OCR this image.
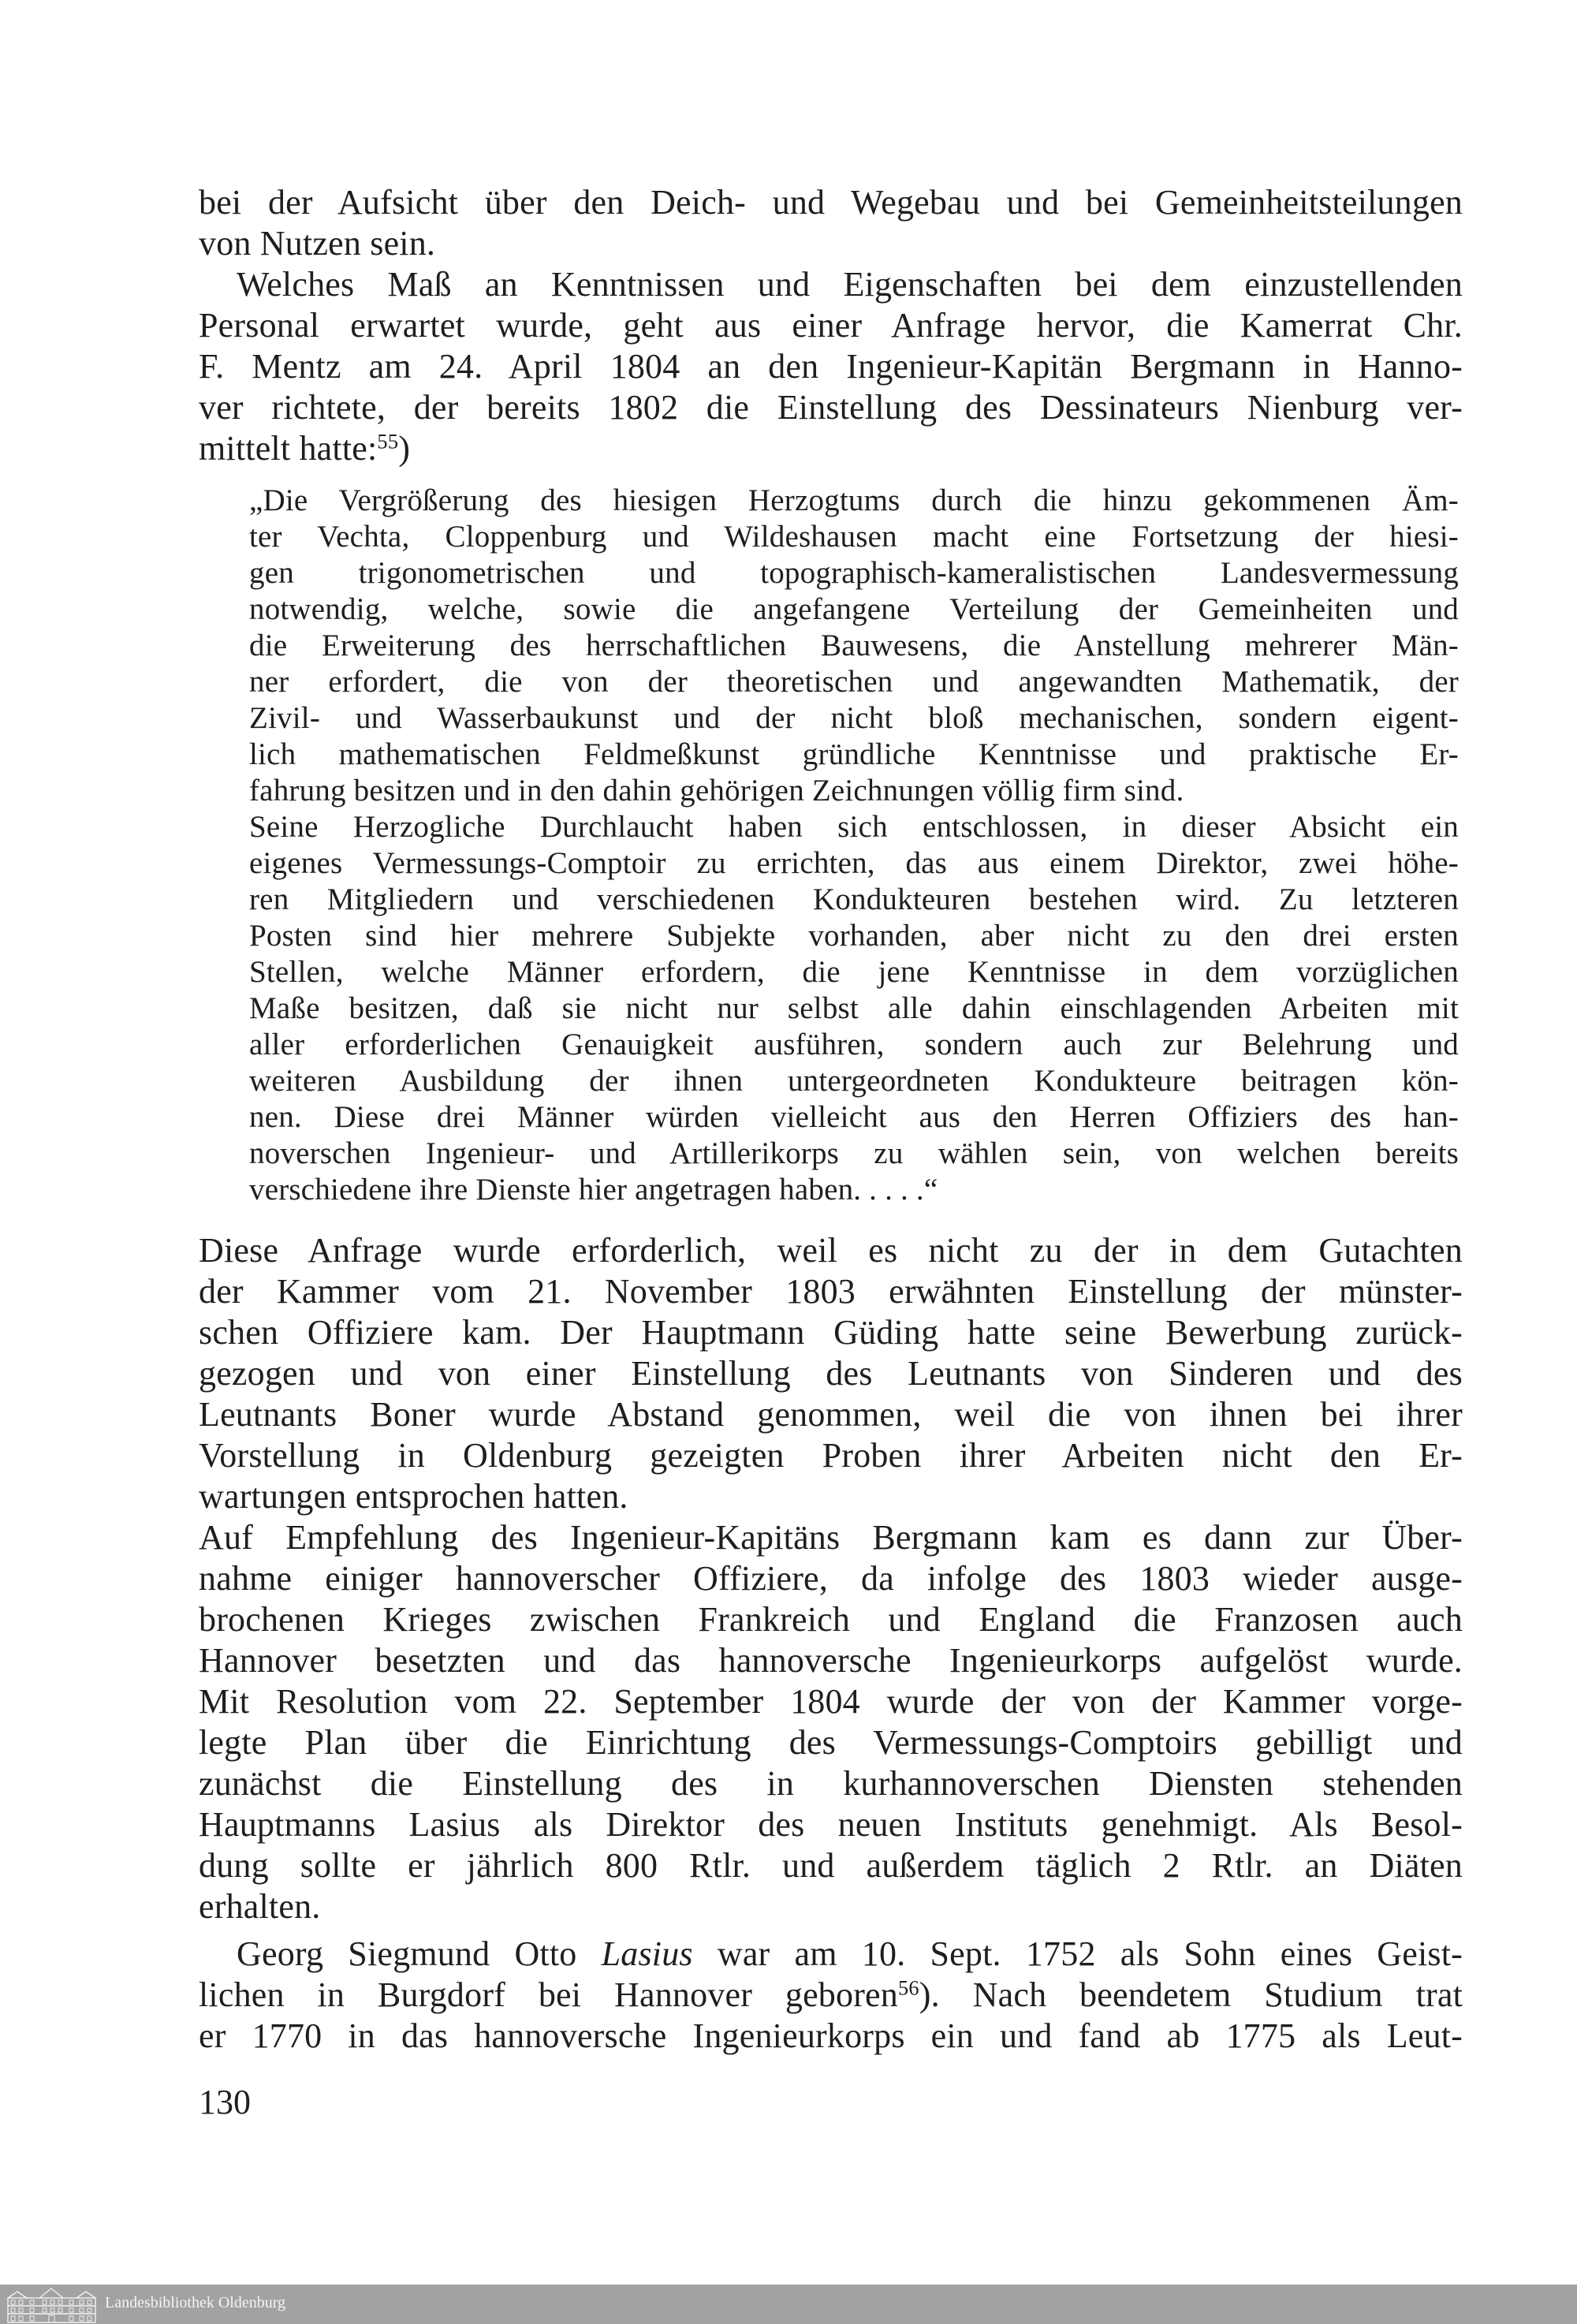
bei der Aufsicht über den Deich- und Wegebau und bei Gemeinheitsteilungen
von Nutzen sein.
Welches Maß an Kenntnissen und Eigenschaften bei dem einzustellenden
Personal erwartet wurde, geht aus einer Anfrage hervor, die Kamerrat Chr.
F. Mentz am 24. April 1804 an den Ingenieur-Kapitän Bergmann in Hanno-
ver richtete, der bereits 1802 die Einstellung des Dessinateurs Nienburg ver-
mittelt hatte:$^{55}$)
„Die Vergrößerung des hiesigen Herzogtums durch die hinzu gekommenen Äm-
ter Vechta, Cloppenburg und Wildeshausen macht eine Fortsetzung der hiesi-
gen trigonometrischen und topographisch-kameralistischen Landesvermessung
notwendig, welche, sowie die angefangene Verteilung der Gemeinheiten und
die Erweiterung des herrschaftlichen Bauwesens, die Anstellung mehrerer Män-
ner erfordert, die von der theoretischen und angewandten Mathematik, der
Zivil- und Wasserbaukunst und der nicht bloß mechanischen, sondern eigent-
lich mathematischen Feldmeßkunst gründliche Kenntnisse und praktische Er-
fahrung besitzen und in den dahin gehörigen Zeichnungen völlig firm sind.
Seine Herzogliche Durchlaucht haben sich entschlossen, in dieser Absicht ein
eigenes Vermessungs-Comptoir zu errichten, das aus einem Direktor, zwei höhe-
ren Mitgliedern und verschiedenen Kondukteuren bestehen wird. Zu letzteren
Posten sind hier mehrere Subjekte vorhanden, aber nicht zu den drei ersten
Stellen, welche Männer erfordern, die jene Kenntnisse in dem vorzüglichen
Maße besitzen, daß sie nicht nur selbst alle dahin einschlagenden Arbeiten mit
aller erforderlichen Genauigkeit ausführen, sondern auch zur Belehrung und
weiteren Ausbildung der ihnen untergeordneten Kondukteure beitragen kön-
nen. Diese drei Männer würden vielleicht aus den Herren Offiziers des han-
noverschen Ingenieur- und Artillerikorps zu wählen sein, von welchen bereits
verschiedene ihre Dienste hier angetragen haben. . . . .“
Diese Anfrage wurde erforderlich, weil es nicht zu der in dem Gutachten
der Kammer vom 21. November 1803 erwähnten Einstellung der münster-
schen Offiziere kam. Der Hauptmann Güding hatte seine Bewerbung zurück-
gezogen und von einer Einstellung des Leutnants von Sinderen und des
Leutnants Boner wurde Abstand genommen, weil die von ihnen bei ihrer
Vorstellung in Oldenburg gezeigten Proben ihrer Arbeiten nicht den Er-
wartungen entsprochen hatten.
Auf Empfehlung des Ingenieur-Kapitäns Bergmann kam es dann zur Über-
nahme einiger hannoverscher Offiziere, da infolge des 1803 wieder ausge-
brochenen Krieges zwischen Frankreich und England die Franzosen auch
Hannover besetzten und das hannoversche Ingenieurkorps aufgelöst wurde.
Mit Resolution vom 22. September 1804 wurde der von der Kammer vorge-
legte Plan über die Einrichtung des Vermessungs-Comptoirs gebilligt und
zunächst die Einstellung des in kurhannoverschen Diensten stehenden
Hauptmanns Lasius als Direktor des neuen Instituts genehmigt. Als Besol-
dung sollte er jährlich 800 Rtlr. und außerdem täglich 2 Rtlr. an Diäten
erhalten.
Georg Siegmund Otto Lasius war am 10. Sept. 1752 als Sohn eines Geist-
lichen in Burgdorf bei Hannover geboren$^{56}$). Nach beendetem Studium trat
er 1770 in das hannoversche Ingenieurkorps ein und fand ab 1775 als Leut-
130
Landesbibliothek Oldenburg
